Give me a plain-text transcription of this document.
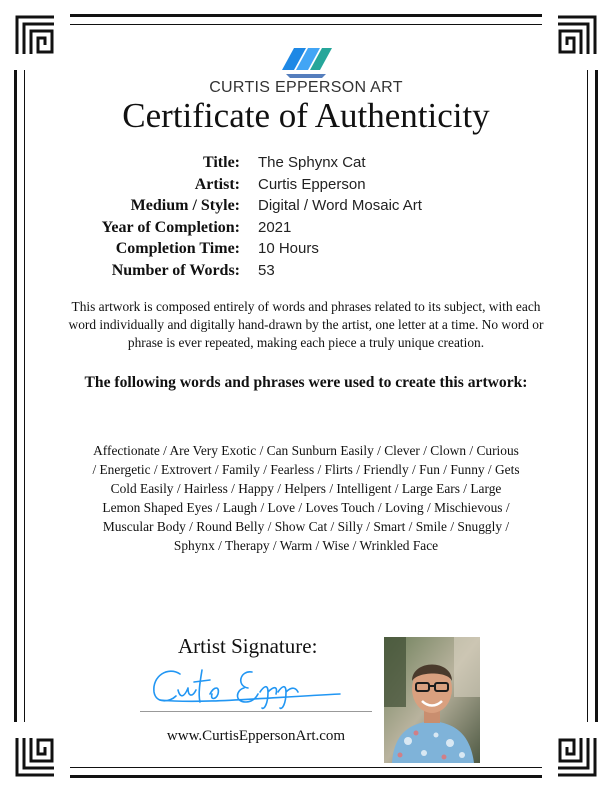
CURTIS EPPERSON ART
Certificate of Authenticity
Title: The Sphynx Cat
Artist: Curtis Epperson
Medium / Style: Digital / Word Mosaic Art
Year of Completion: 2021
Completion Time: 10 Hours
Number of Words: 53

This artwork is composed entirely of words and phrases related to its subject, with each word individually and digitally hand-drawn by the artist, one letter at a time. No word or phrase is ever repeated, making each piece a truly unique creation.

The following words and phrases were used to create this artwork:

Affectionate / Are Very Exotic / Can Sunburn Easily / Clever / Clown / Curious / Energetic / Extrovert / Family / Fearless / Flirts / Friendly / Fun / Funny / Gets Cold Easily / Hairless / Happy / Helpers / Intelligent / Large Ears / Large Lemon Shaped Eyes / Laugh / Love / Loves Touch / Loving / Mischievous / Muscular Body / Round Belly / Show Cat / Silly / Smart / Smile / Snuggly / Sphynx / Therapy / Warm / Wise / Wrinkled Face

Artist Signature:
www.CurtisEppersonArt.com
